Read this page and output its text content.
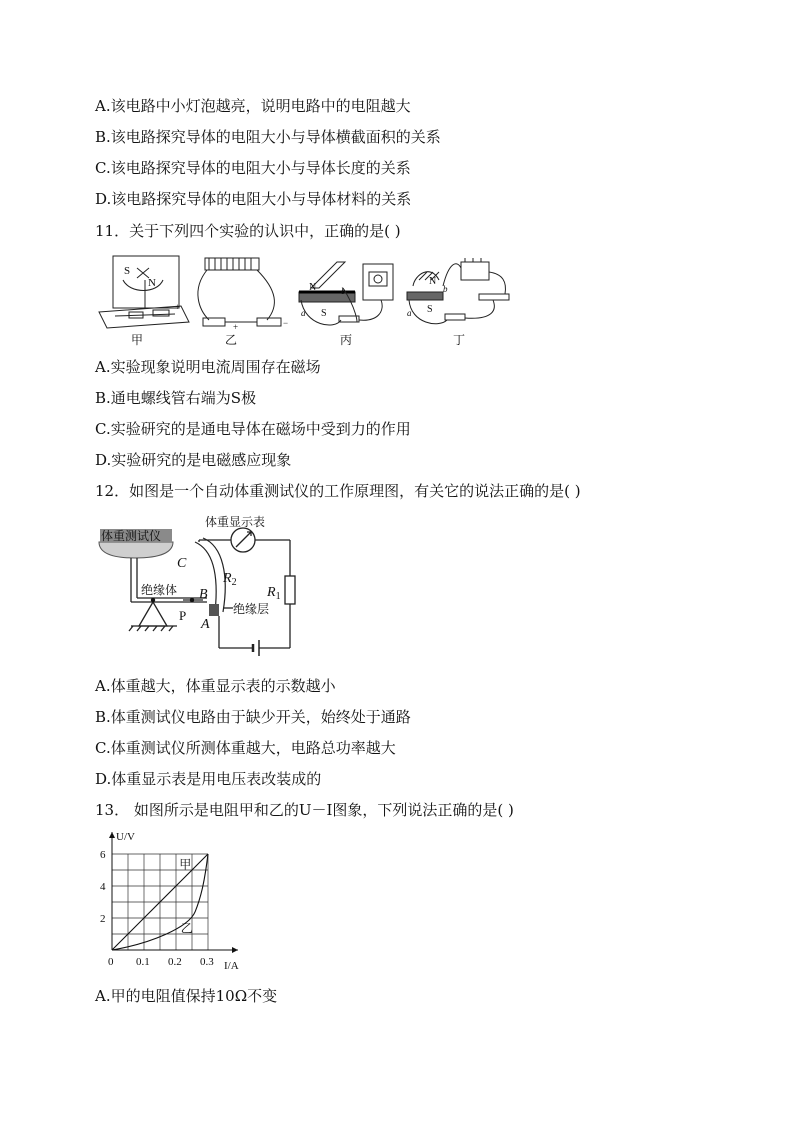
A.该电路中小灯泡越亮，说明电路中的电阻越大
B.该电路探究导体的电阻大小与导体横截面积的关系
C.该电路探究导体的电阻大小与导体长度的关系
D.该电路探究导体的电阻大小与导体材料的关系
11．关于下列四个实验的认识中，正确的是( )
S
N
+
+	−
N
S
a
b
N
S
a
b
甲	乙	丙	丁
A.实验现象说明电流周围存在磁场
B.通电螺线管右端为S极
C.实验研究的是通电导体在磁场中受到力的作用
D.实验研究的是电磁感应现象
12．如图是一个自动体重测试仪的工作原理图，有关它的说法正确的是( )
体重测试仪
体重显示表
C
$R_2$
$R_1$
绝缘体 B
P	绝缘层
A
A.体重越大，体重显示表的示数越小
B.体重测试仪电路由于缺少开关，始终处于通路
C.体重测试仪所测体重越大，电路总功率越大
D.体重显示表是用电压表改装成的
13． 如图所示是电阻甲和乙的U－I图象，下列说法正确的是( )
甲
乙
0 0.1 0.2 0.3
2
4
6
I/A
U/V
A.甲的电阻值保持10Ω不变
